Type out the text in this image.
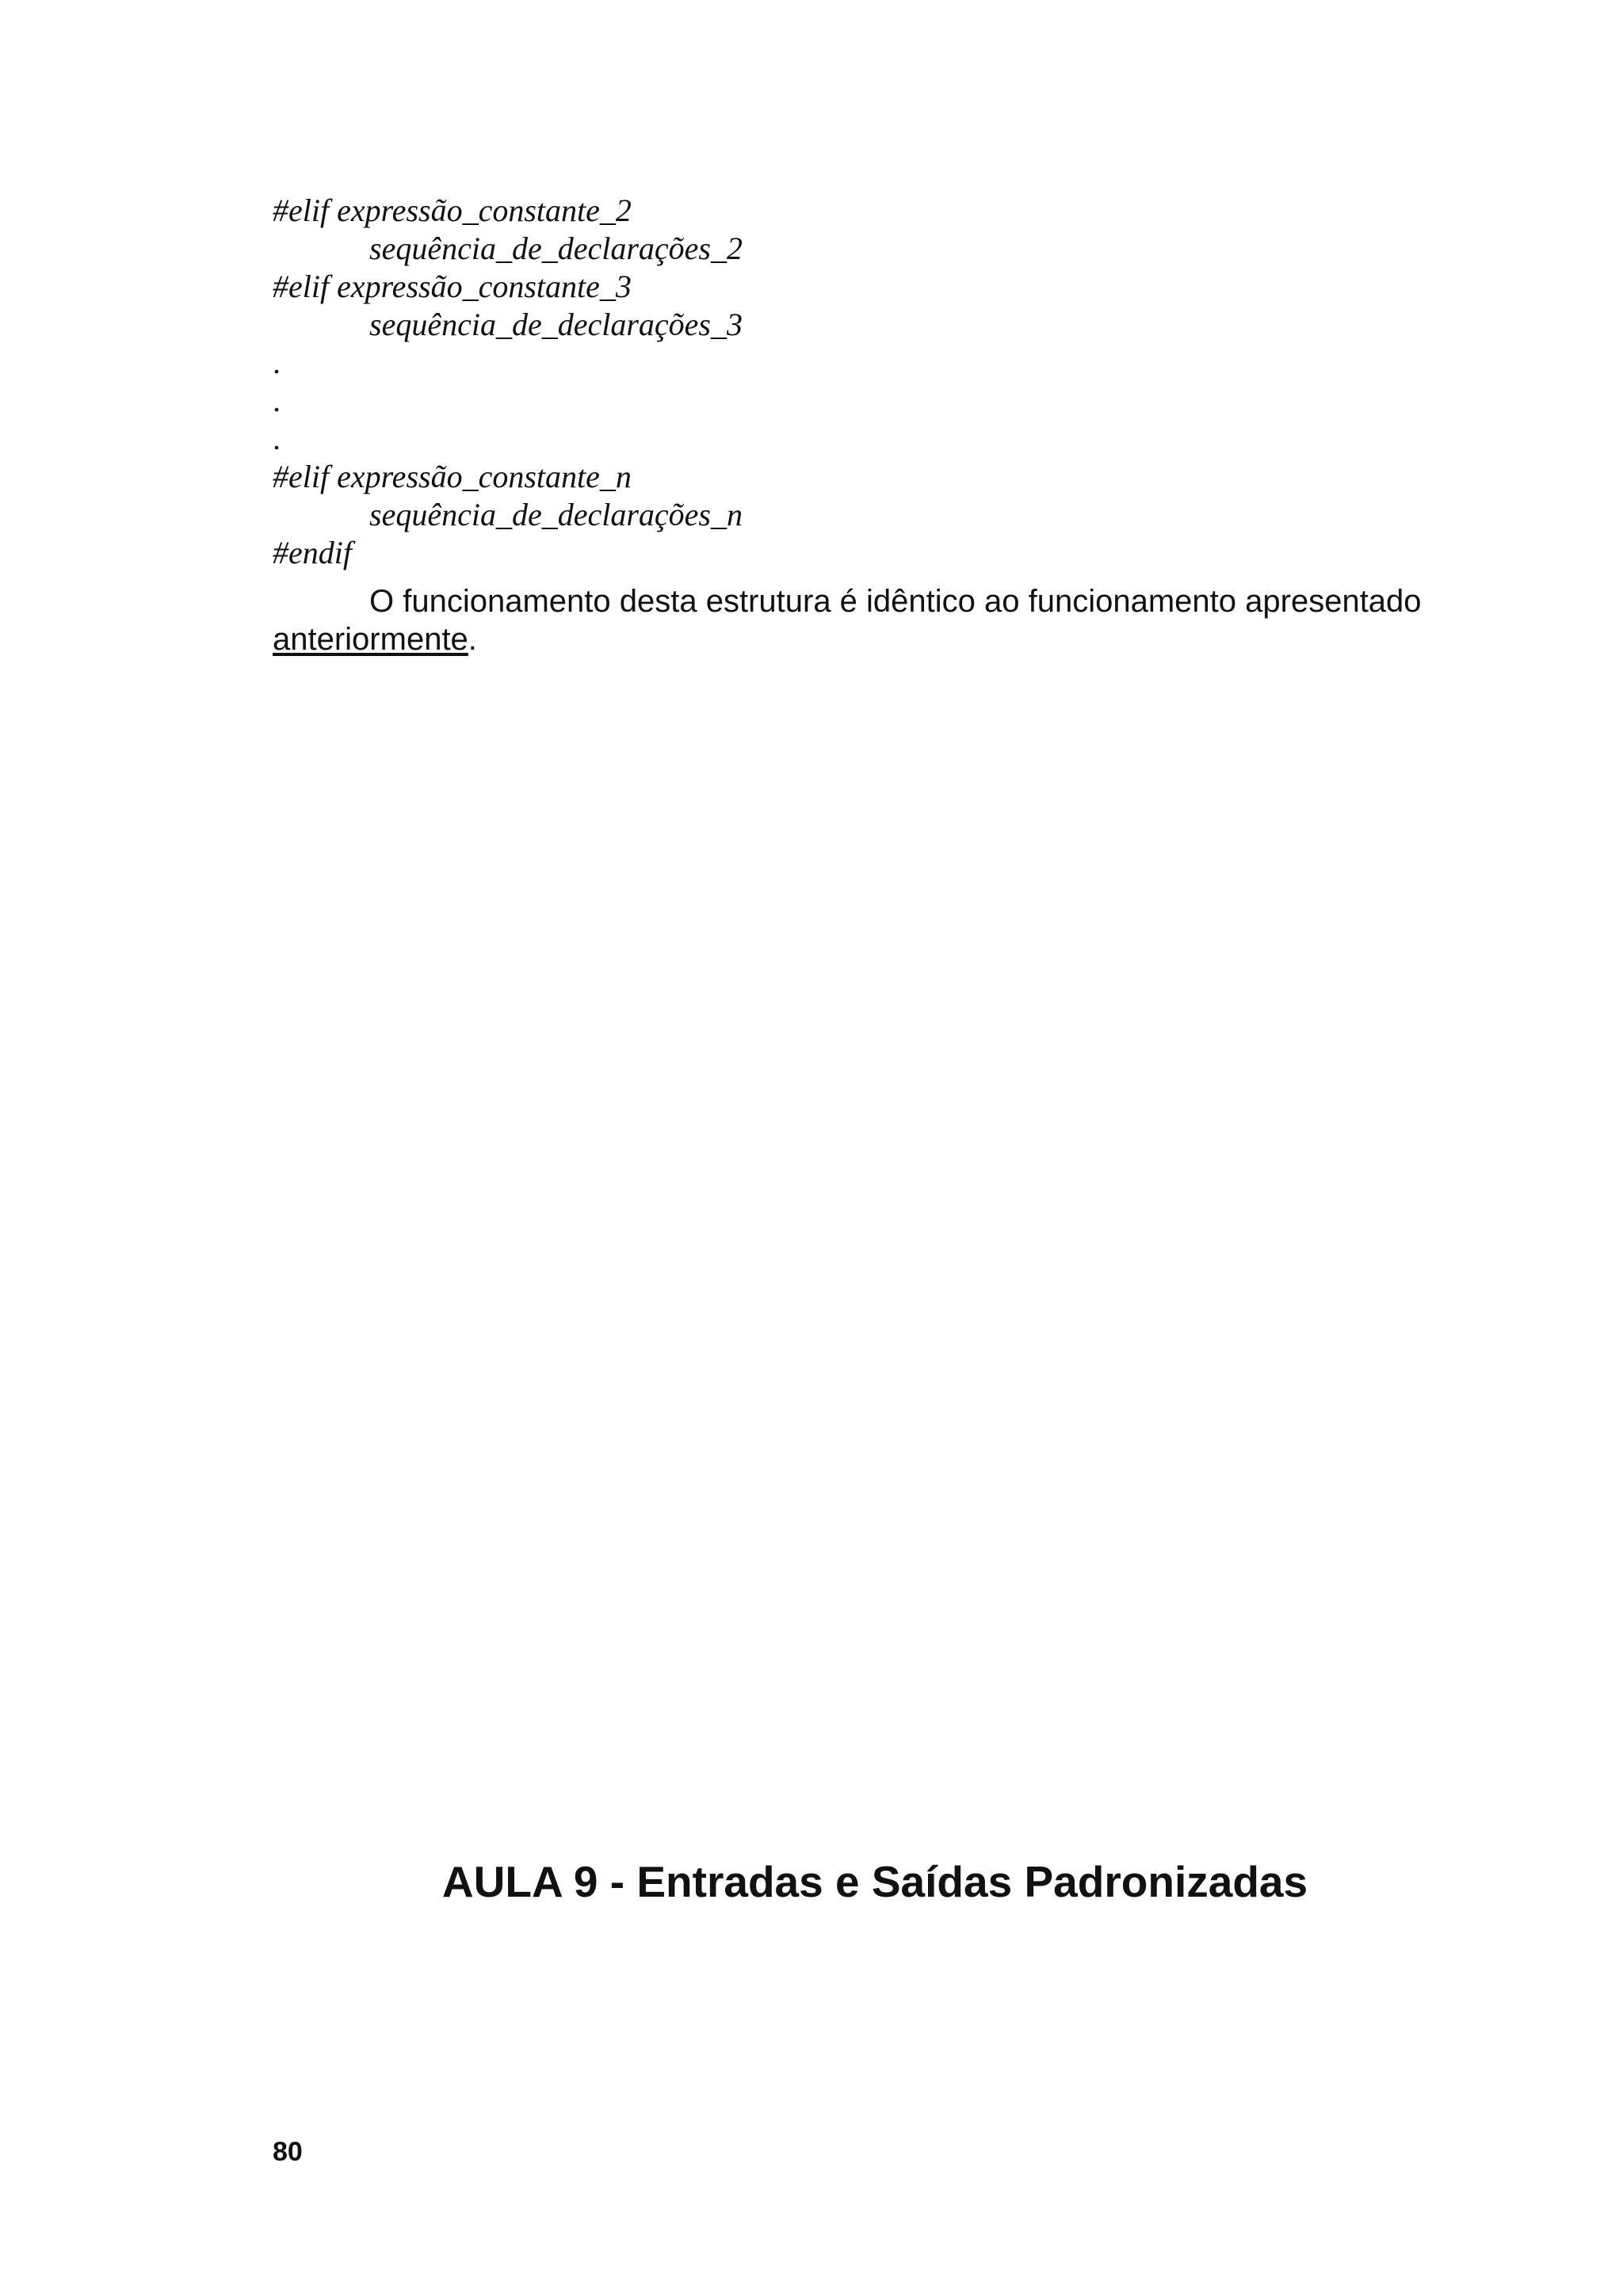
#elif expressão_constante_2
sequência_de_declarações_2
#elif expressão_constante_3
sequência_de_declarações_3
.
.
.
#elif expressão_constante_n
sequência_de_declarações_n
#endif
O funcionamento desta estrutura é idêntico ao funcionamento apresentado anteriormente.
AULA 9 - Entradas e Saídas Padronizadas
80
